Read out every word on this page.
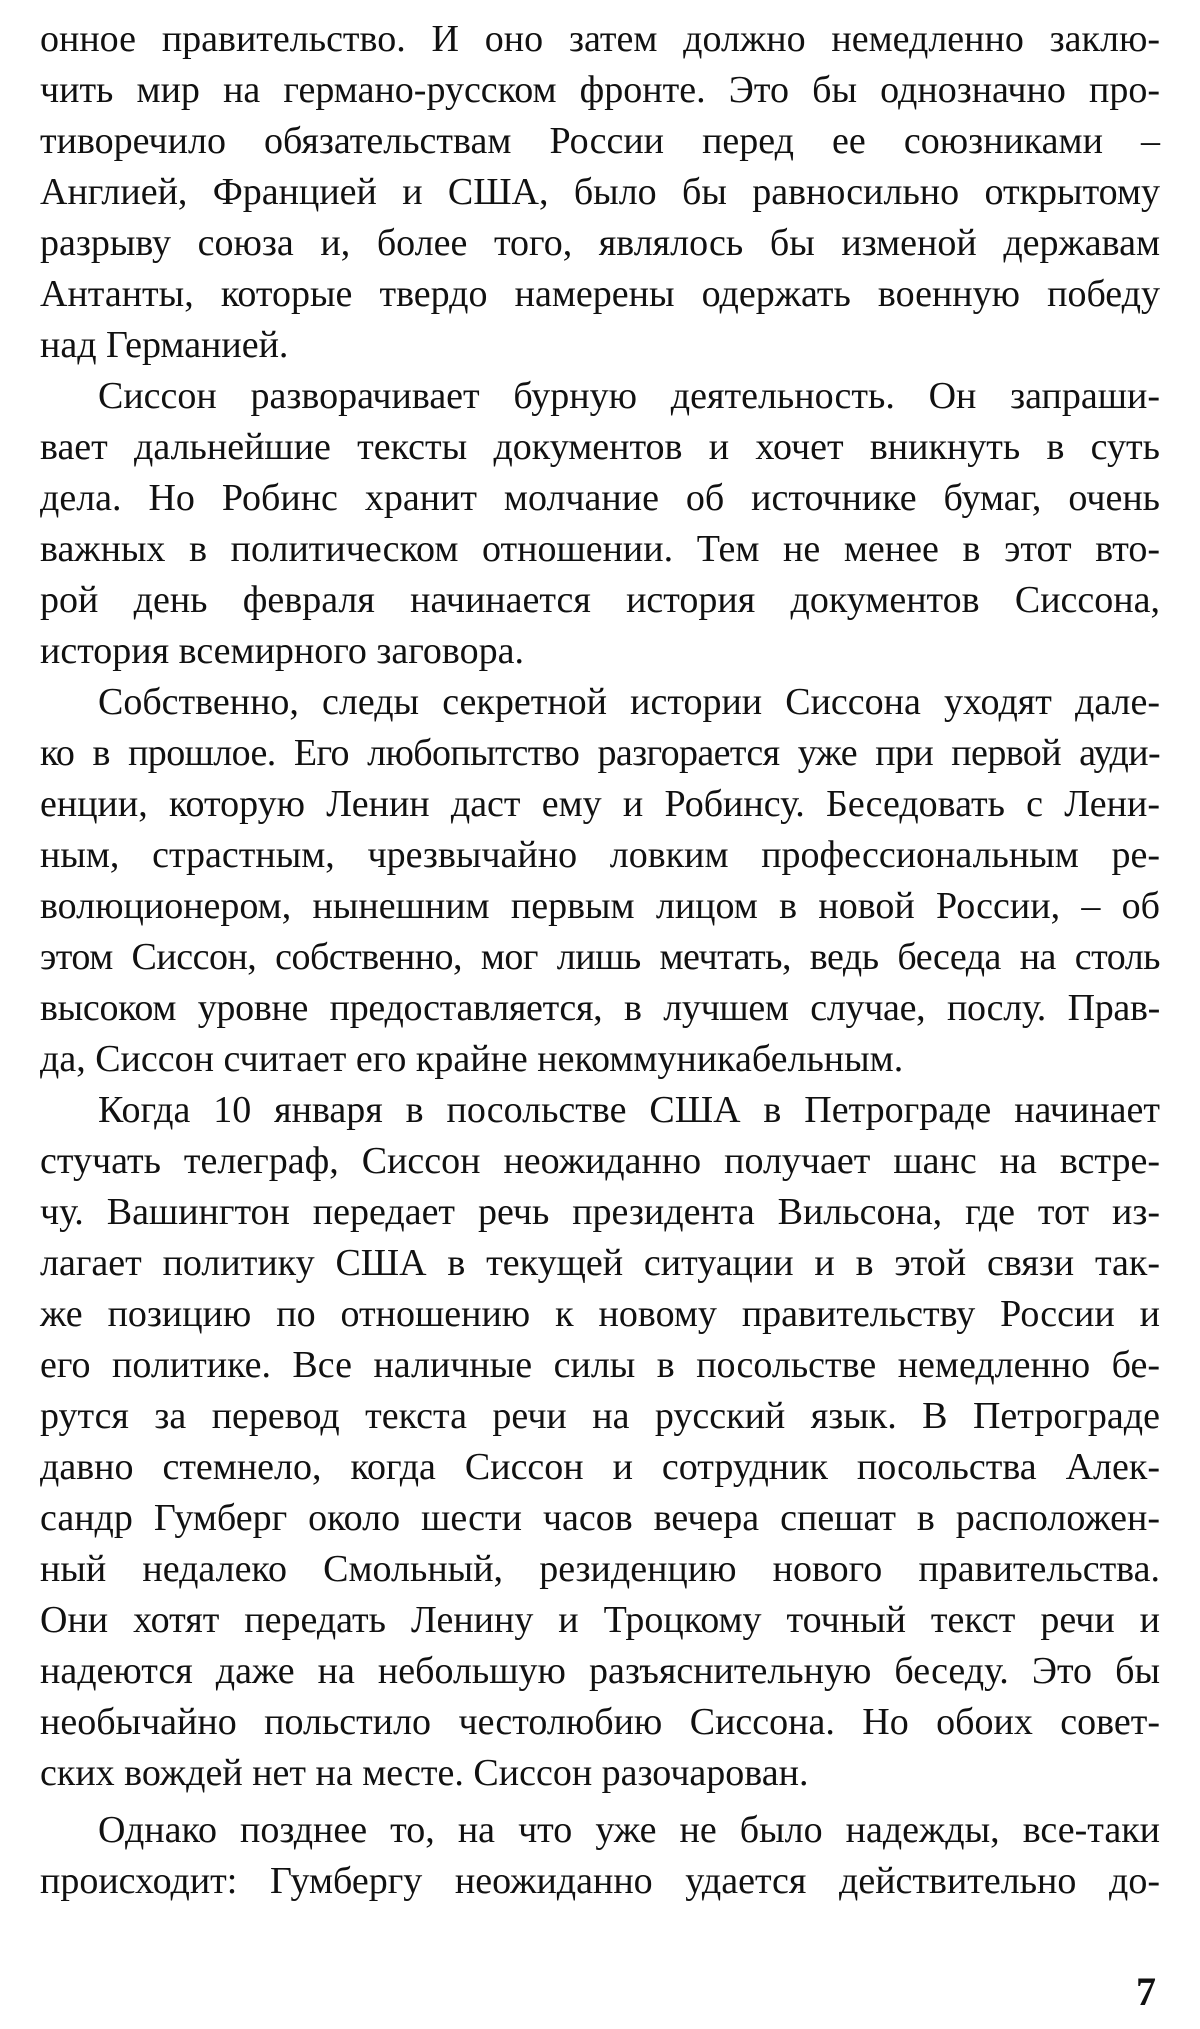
онное правительство. И оно затем должно немедленно заклю-
чить мир на германо-русском фронте. Это бы однозначно про-
тиворечило обязательствам России перед ее союзниками –
Англией, Францией и США, было бы равносильно открытому
разрыву союза и, более того, являлось бы изменой державам
Антанты, которые твердо намерены одержать военную победу
над Германией.

Сиссон разворачивает бурную деятельность. Он запраши-
вает дальнейшие тексты документов и хочет вникнуть в суть
дела. Но Робинс хранит молчание об источнике бумаг, очень
важных в политическом отношении. Тем не менее в этот вто-
рой день февраля начинается история документов Сиссона,
история всемирного заговора.

Собственно, следы секретной истории Сиссона уходят дале-
ко в прошлое. Его любопытство разгорается уже при первой ауди-
енции, которую Ленин даст ему и Робинсу. Беседовать с Лени-
ным, страстным, чрезвычайно ловким профессиональным ре-
волюционером, нынешним первым лицом в новой России, – об
этом Сиссон, собственно, мог лишь мечтать, ведь беседа на столь
высоком уровне предоставляется, в лучшем случае, послу. Прав-
да, Сиссон считает его крайне некоммуникабельным.

Когда 10 января в посольстве США в Петрограде начинает
стучать телеграф, Сиссон неожиданно получает шанс на встре-
чу. Вашингтон передает речь президента Вильсона, где тот из-
лагает политику США в текущей ситуации и в этой связи так-
же позицию по отношению к новому правительству России и
его политике. Все наличные силы в посольстве немедленно бе-
рутся за перевод текста речи на русский язык. В Петрограде
давно стемнело, когда Сиссон и сотрудник посольства Алек-
сандр Гумберг около шести часов вечера спешат в расположен-
ный недалеко Смольный, резиденцию нового правительства.
Они хотят передать Ленину и Троцкому точный текст речи и
надеются даже на небольшую разъяснительную беседу. Это бы
необычайно польстило честолюбию Сиссона. Но обоих совет-
ских вождей нет на месте. Сиссон разочарован.

Однако позднее то, на что уже не было надежды, все-таки
происходит: Гумбергу неожиданно удается действительно до-

7
